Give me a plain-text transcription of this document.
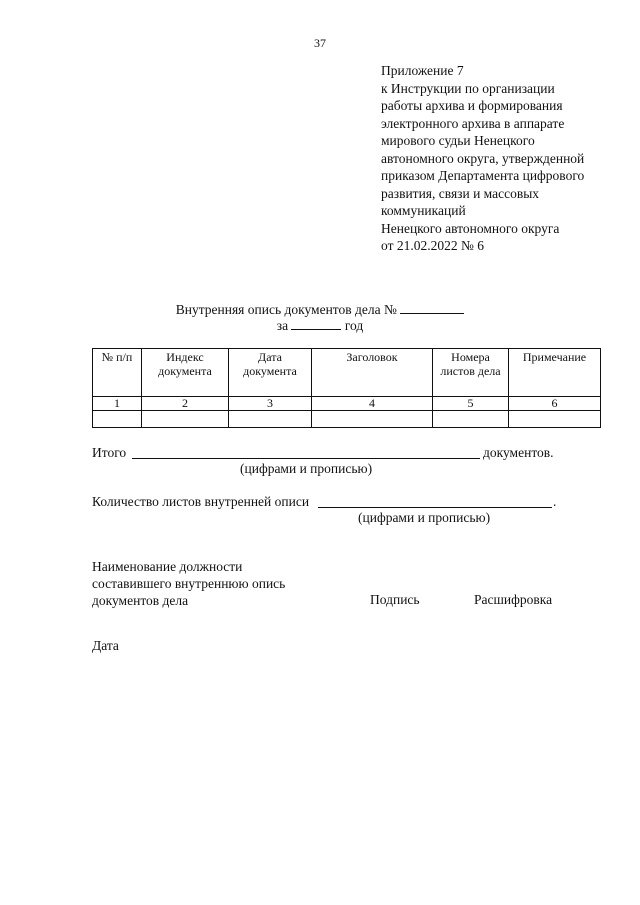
37
Приложение 7
к Инструкции по организации
работы архива и формирования
электронного архива в аппарате
мирового судьи Ненецкого
автономного округа, утвержденной
приказом Департамента цифрового
развития, связи и массовых
коммуникаций
Ненецкого автономного округа
от 21.02.2022 № 6
Внутренняя опись документов дела №
за	год
№ п/п	Индекс документа	Дата документа	Заголовок	Номера листов дела	Примечание
1	2	3	4	5	6

Итого	документов.
(цифрами и прописью)
Количество листов внутренней описи	.
(цифрами и прописью)
Наименование должности
составившего внутреннюю опись
документов дела	Подпись	Расшифровка
Дата
